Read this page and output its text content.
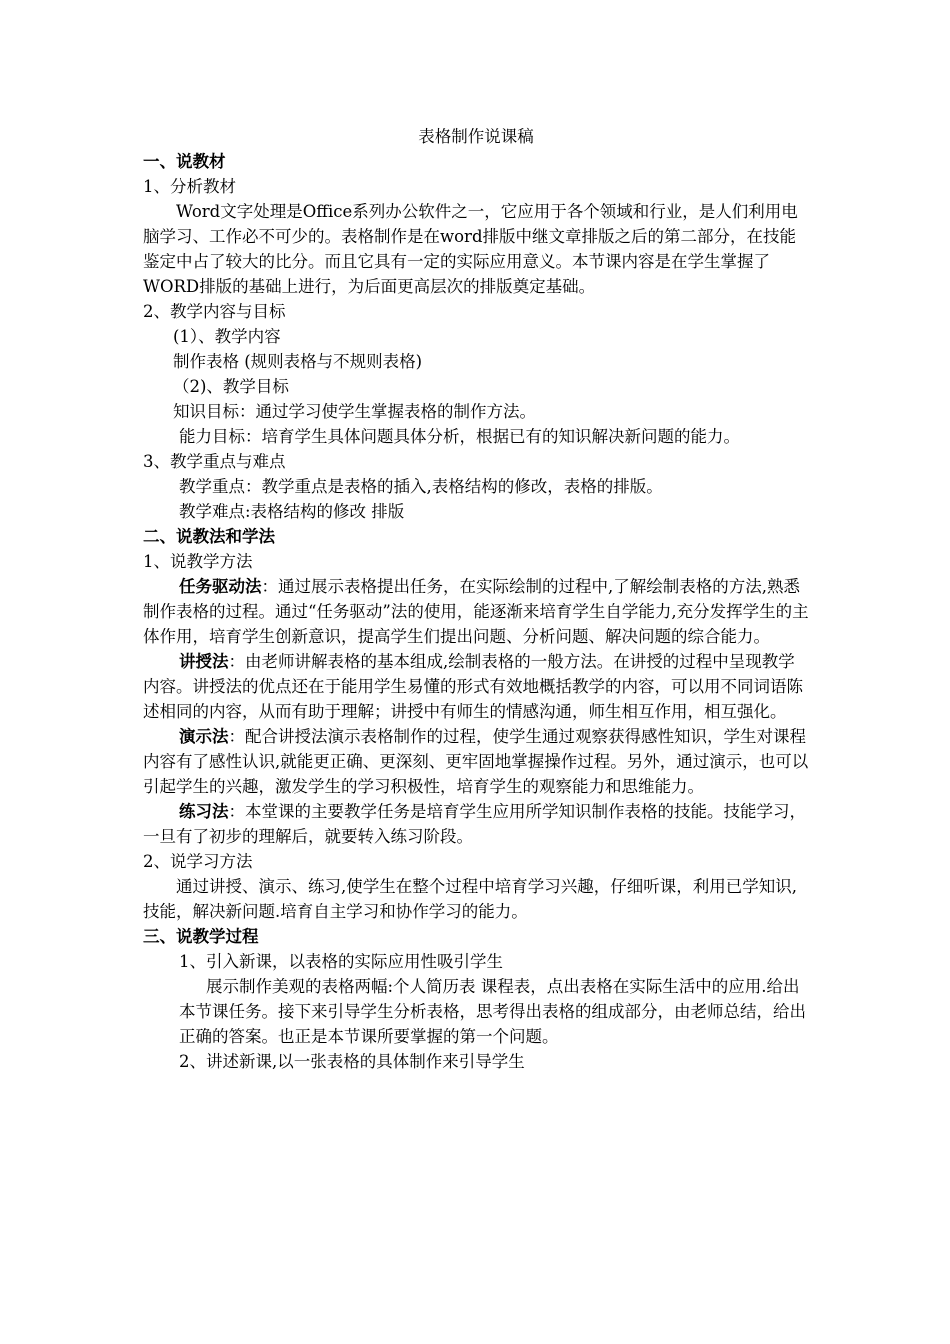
表格制作说课稿
一、说教材
1、分析教材
Word文字处理是Office系列办公软件之一，它应用于各个领域和行业，是人们利用电脑学习、工作必不可少的。表格制作是在word排版中继文章排版之后的第二部分，在技能鉴定中占了较大的比分。而且它具有一定的实际应用意义。本节课内容是在学生掌握了WORD排版的基础上进行，为后面更高层次的排版奠定基础。
2、教学内容与目标
(1）、教学内容
制作表格 (规则表格与不规则表格)
（2)、教学目标
知识目标：通过学习使学生掌握表格的制作方法。
能力目标：培育学生具体问题具体分析，根据已有的知识解决新问题的能力。
3、教学重点与难点
教学重点：教学重点是表格的插入,表格结构的修改，表格的排版。
教学难点:表格结构的修改 排版
二、说教法和学法
1、说教学方法
任务驱动法：通过展示表格提出任务，在实际绘制的过程中,了解绘制表格的方法,熟悉制作表格的过程。通过“任务驱动”法的使用，能逐渐来培育学生自学能力,充分发挥学生的主体作用，培育学生创新意识，提高学生们提出问题、分析问题、解决问题的综合能力。
讲授法：由老师讲解表格的基本组成,绘制表格的一般方法。在讲授的过程中呈现教学内容。讲授法的优点还在于能用学生易懂的形式有效地概括教学的内容，可以用不同词语陈述相同的内容，从而有助于理解；讲授中有师生的情感沟通，师生相互作用，相互强化。
演示法：配合讲授法演示表格制作的过程，使学生通过观察获得感性知识，学生对课程内容有了感性认识,就能更正确、更深刻、更牢固地掌握操作过程。另外，通过演示，也可以引起学生的兴趣，激发学生的学习积极性，培育学生的观察能力和思维能力。
练习法：本堂课的主要教学任务是培育学生应用所学知识制作表格的技能。技能学习，一旦有了初步的理解后，就要转入练习阶段。
2、说学习方法
通过讲授、演示、练习,使学生在整个过程中培育学习兴趣，仔细听课，利用已学知识,技能，解决新问题.培育自主学习和协作学习的能力。
三、说教学过程
1、引入新课，以表格的实际应用性吸引学生
展示制作美观的表格两幅:个人简历表 课程表，点出表格在实际生活中的应用.给出本节课任务。接下来引导学生分析表格，思考得出表格的组成部分，由老师总结，给出正确的答案。也正是本节课所要掌握的第一个问题。
2、讲述新课,以一张表格的具体制作来引导学生
